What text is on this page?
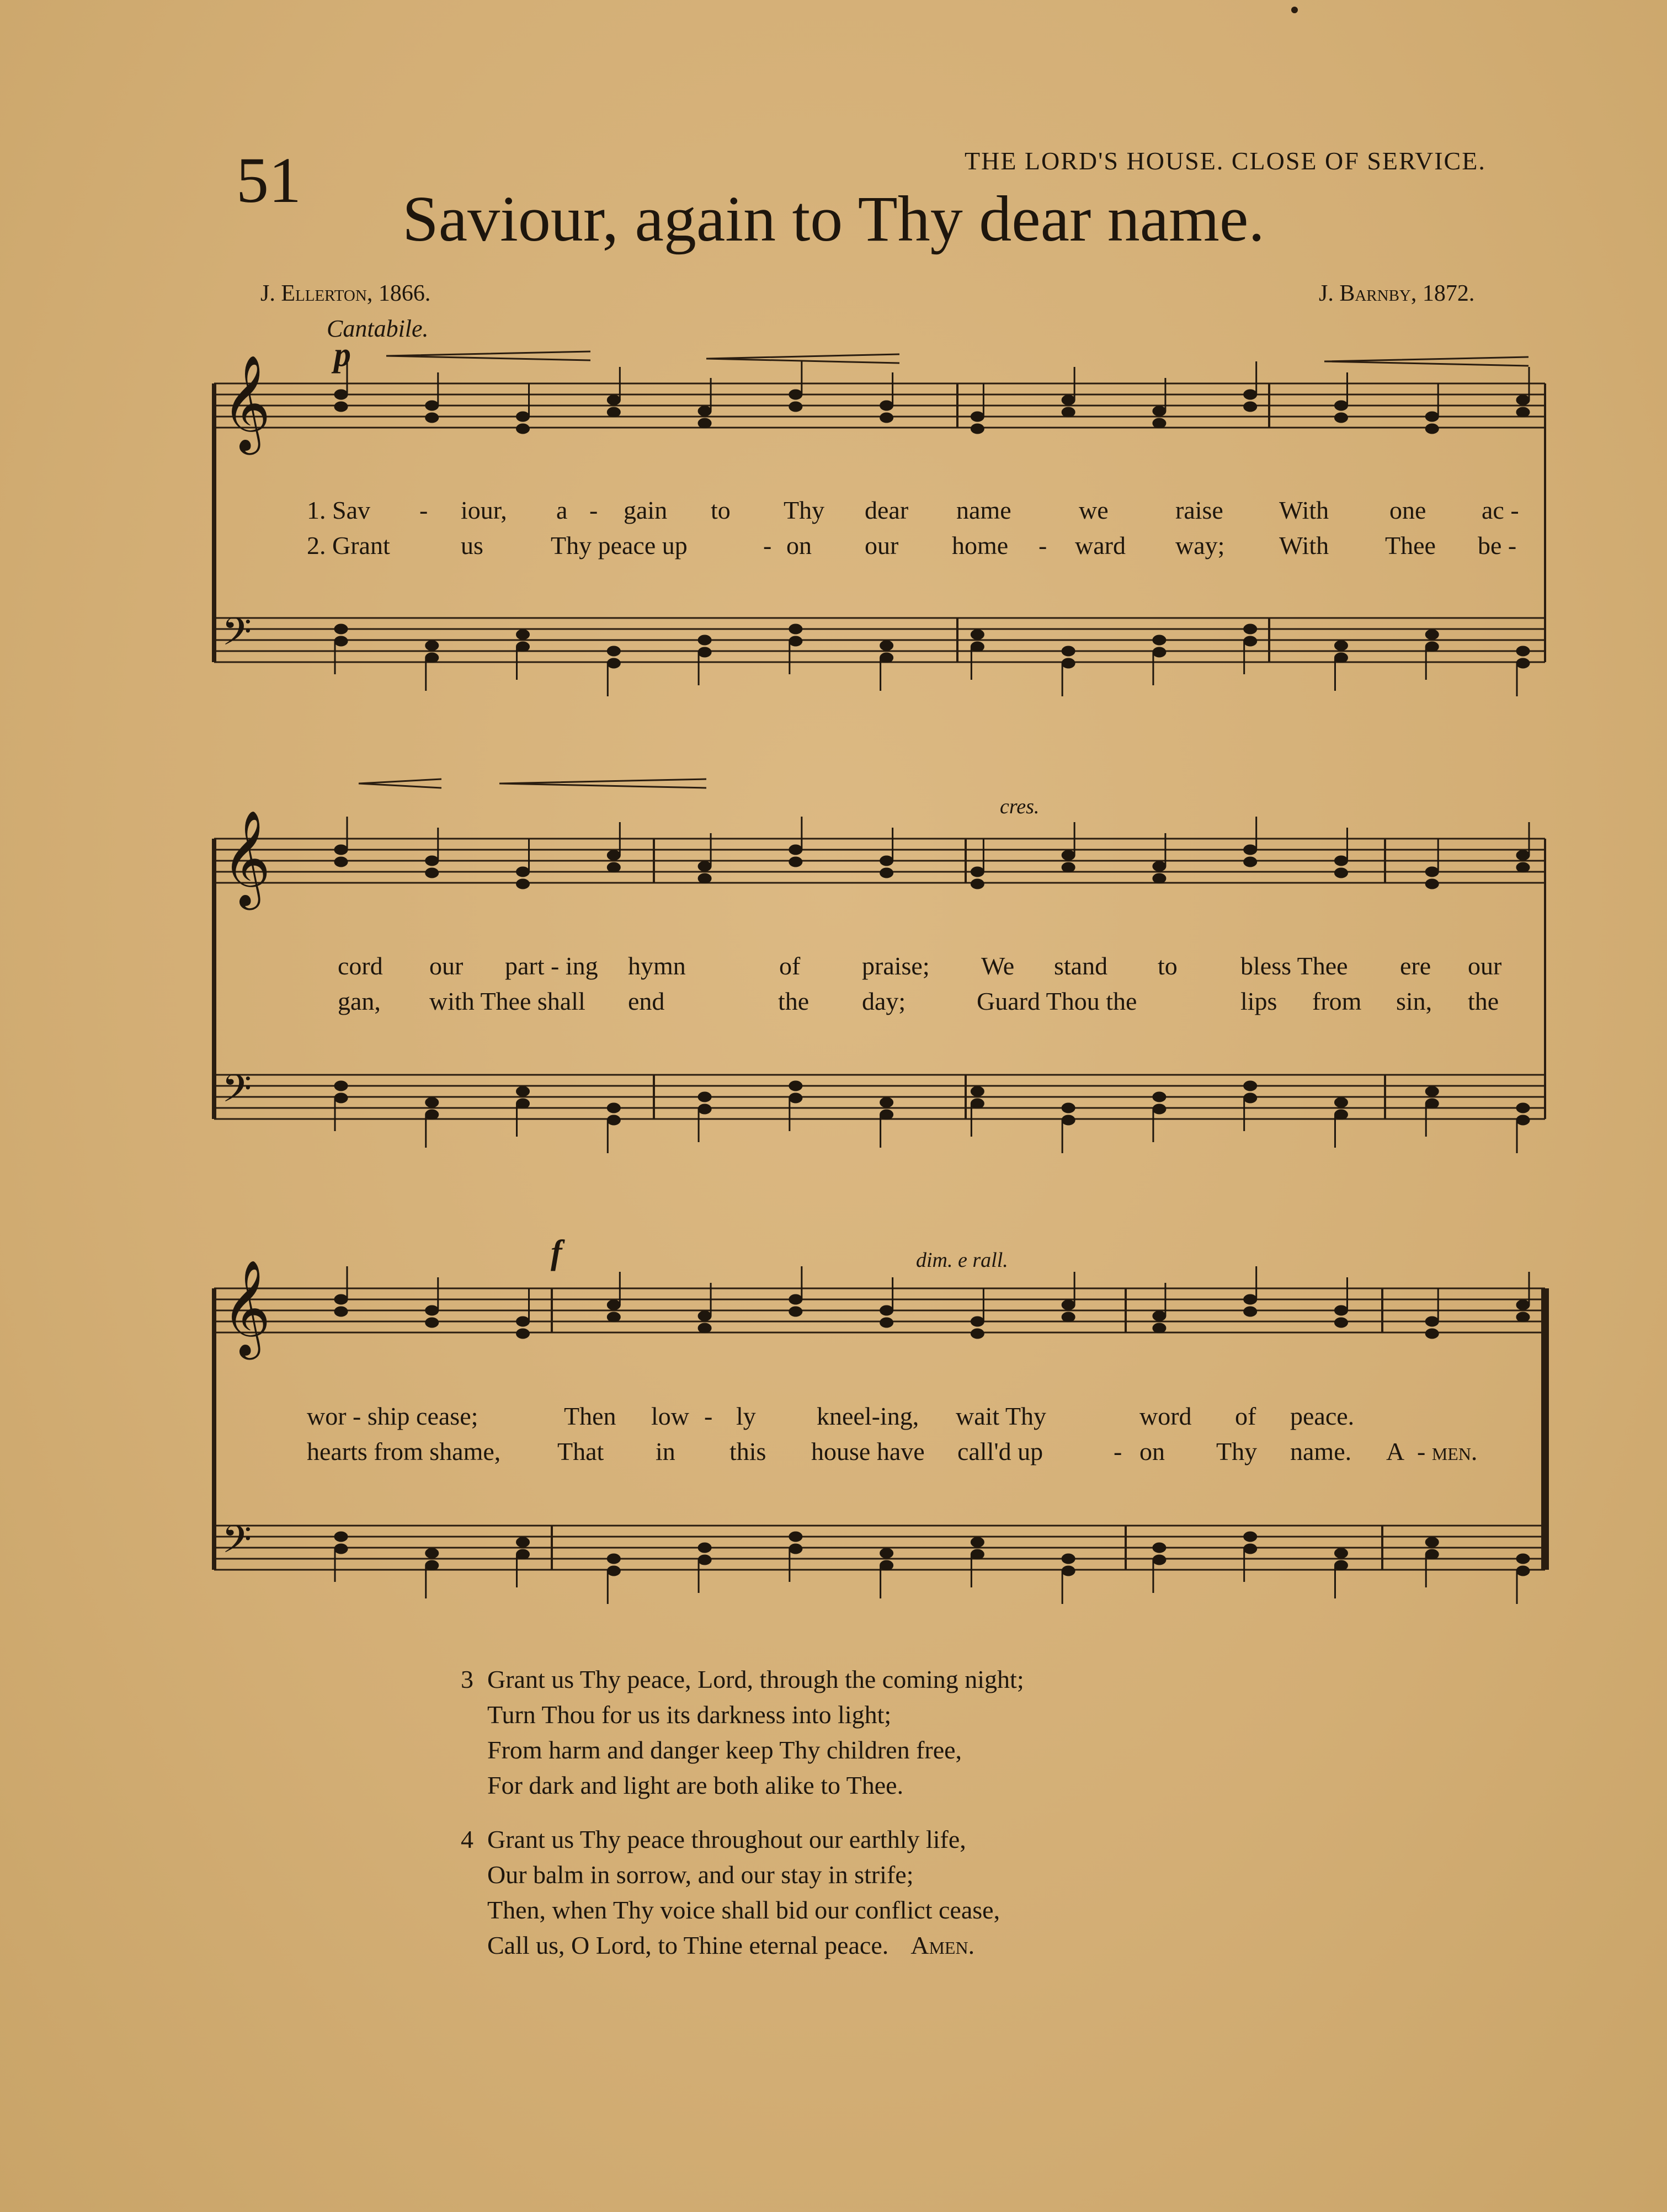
51	THE LORD'S HOUSE. CLOSE OF SERVICE.
Saviour, again to Thy dear name.
J. Ellerton, 1866.	J. Barnby, 1872.
Cantabile.
p
cres.
f	dim. e rall.
𝄞
𝄢
𝄞
𝄢
𝄞
𝄢
1. Sav - iour, a - gain to Thy dear name	we	raise With one ac -
2. Grant	us	Thy peace up	- on our home - ward way; With Thee be -
cord our part - ing hymn	of praise; We stand to bless Thee ere our
gan, with Thee shall end	the day;	Guard Thou the	lips from sin, the
wor - ship cease;	Then low - ly kneel-ing, wait Thy	word of peace.
hearts from shame, That in this house have call'd up	- on Thy name. A - men.
3 Grant us Thy peace, Lord, through the coming night;
Turn Thou for us its darkness into light;
From harm and danger keep Thy children free,
For dark and light are both alike to Thee.
4 Grant us Thy peace throughout our earthly life,
Our balm in sorrow, and our stay in strife;
Then, when Thy voice shall bid our conflict cease,
Call us, O Lord, to Thine eternal peace. Amen.
